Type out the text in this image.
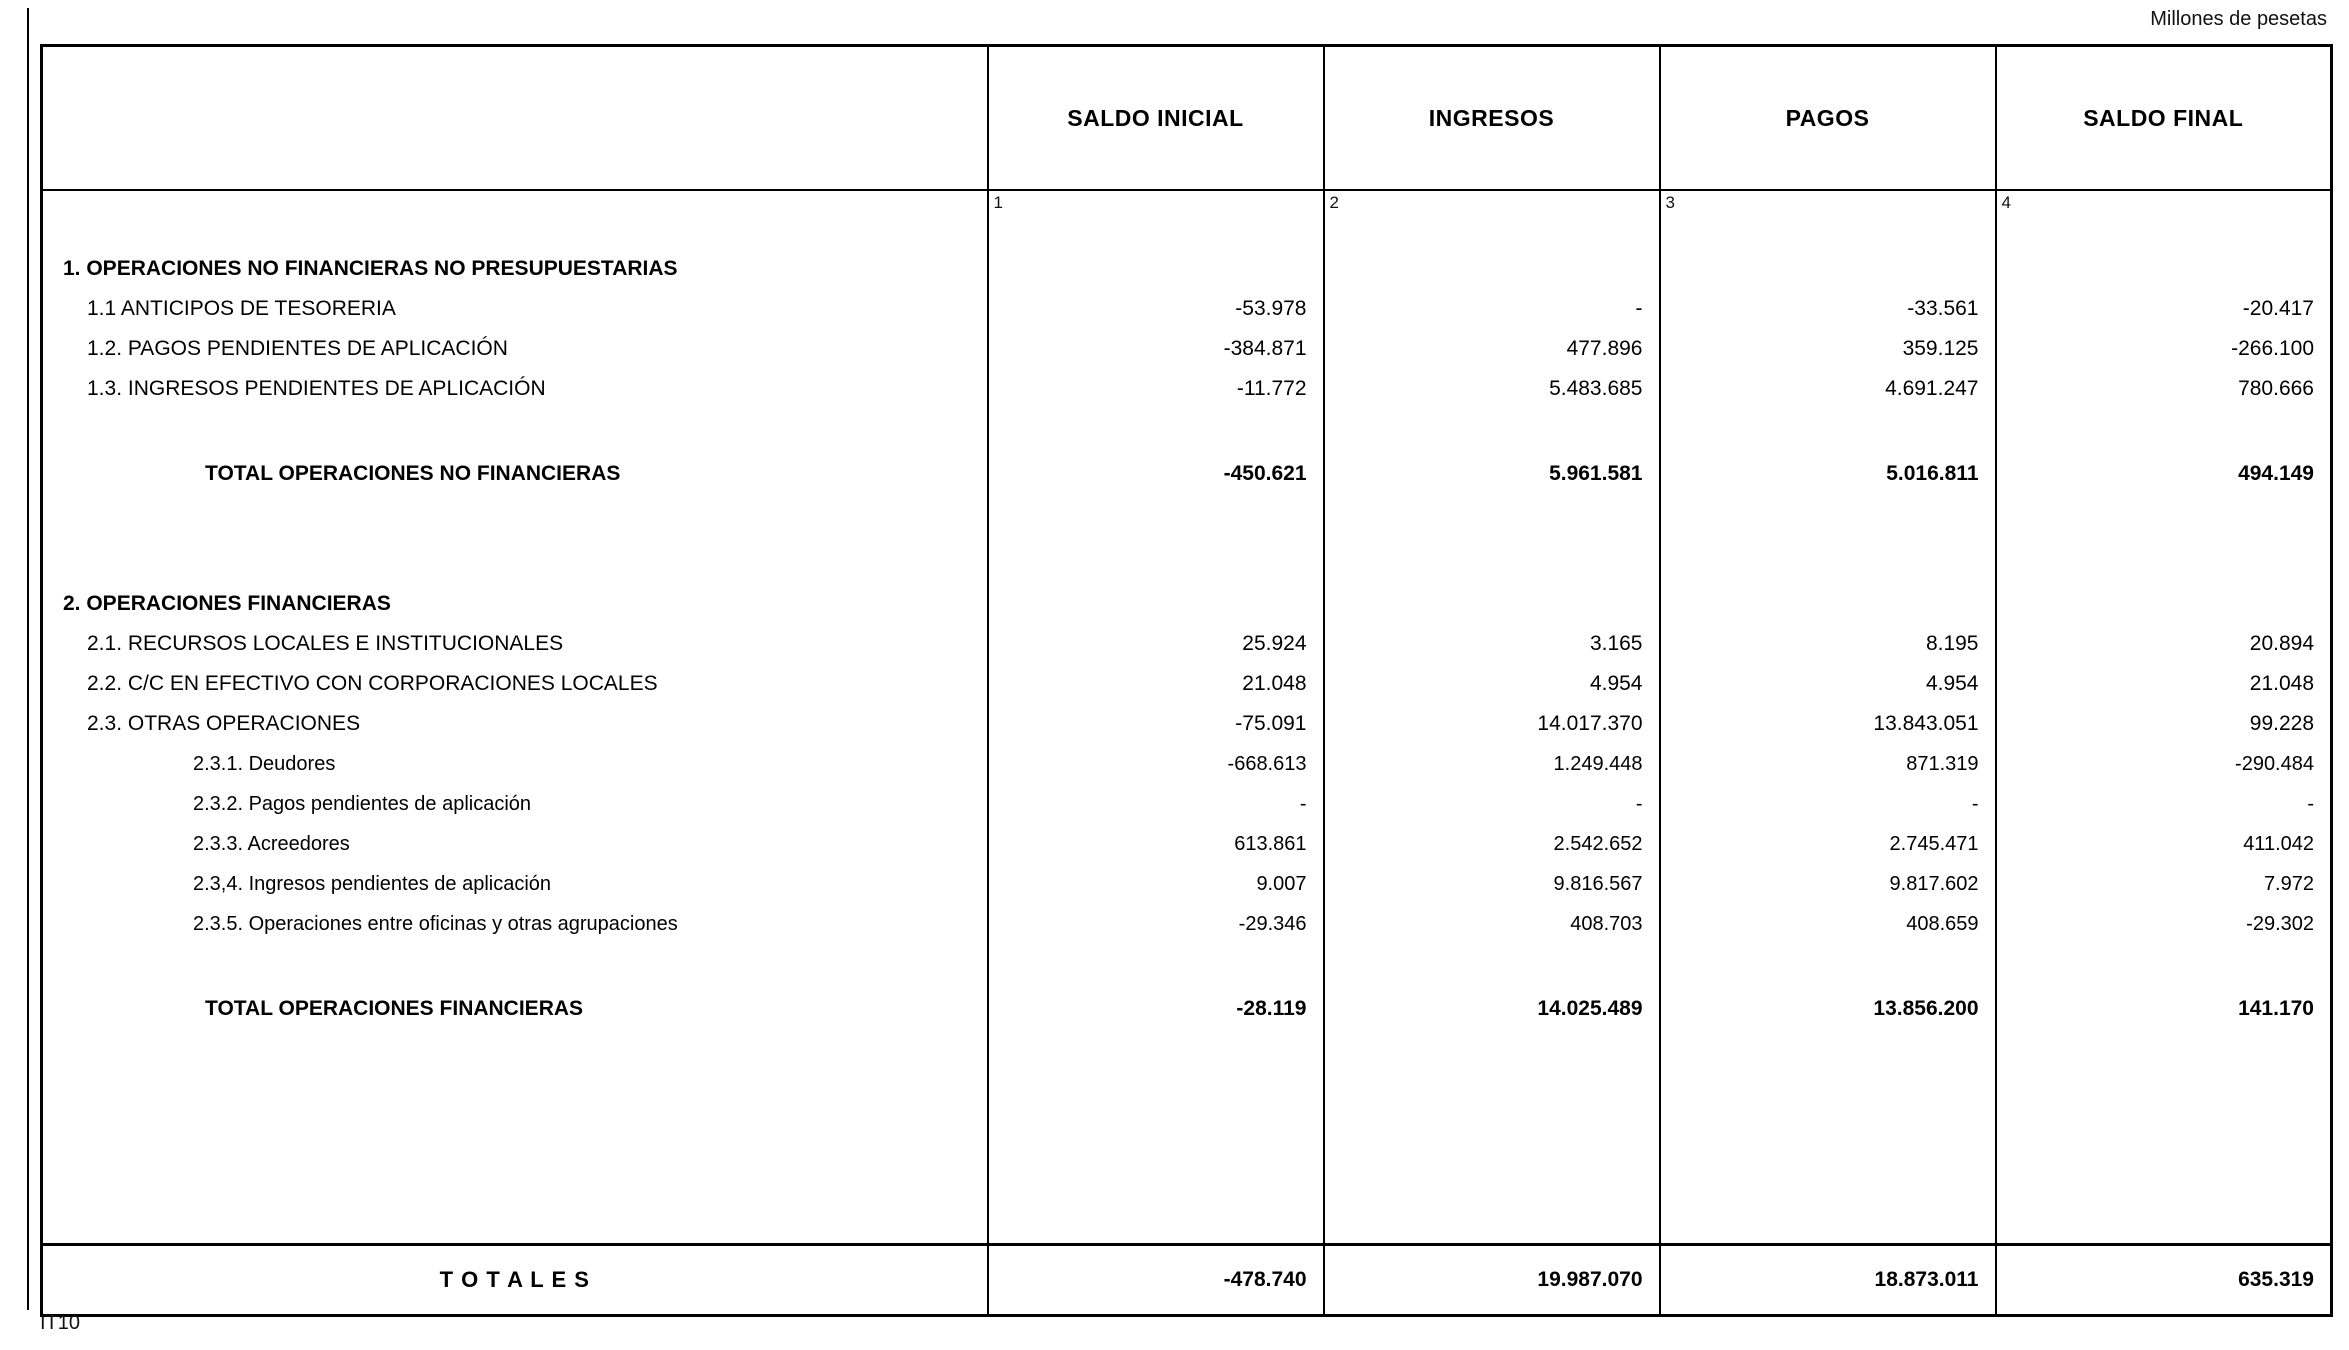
Millones de pesetas
	SALDO INICIAL	INGRESOS	PAGOS	SALDO FINAL
	1	2	3	4
1. OPERACIONES NO FINANCIERAS NO PRESUPUESTARIAS				
1.1 ANTICIPOS DE TESORERIA	-53.978	-	-33.561	-20.417
1.2. PAGOS PENDIENTES DE APLICACIÓN	-384.871	477.896	359.125	-266.100
1.3. INGRESOS PENDIENTES DE APLICACIÓN	-11.772	5.483.685	4.691.247	780.666

TOTAL OPERACIONES NO FINANCIERAS	-450.621	5.961.581	5.016.811	494.149

2. OPERACIONES FINANCIERAS				
2.1. RECURSOS LOCALES E INSTITUCIONALES	25.924	3.165	8.195	20.894
2.2. C/C EN EFECTIVO CON CORPORACIONES LOCALES	21.048	4.954	4.954	21.048
2.3. OTRAS OPERACIONES	-75.091	14.017.370	13.843.051	99.228
2.3.1. Deudores	-668.613	1.249.448	871.319	-290.484
2.3.2. Pagos pendientes de aplicación	-	-	-	-
2.3.3. Acreedores	613.861	2.542.652	2.745.471	411.042
2.3,4. Ingresos pendientes de aplicación	9.007	9.816.567	9.817.602	7.972
2.3.5. Operaciones entre oficinas y otras agrupaciones	-29.346	408.703	408.659	-29.302

TOTAL OPERACIONES FINANCIERAS	-28.119	14.025.489	13.856.200	141.170

T O T A L E S	-478.740	19.987.070	18.873.011	635.319
IT10
